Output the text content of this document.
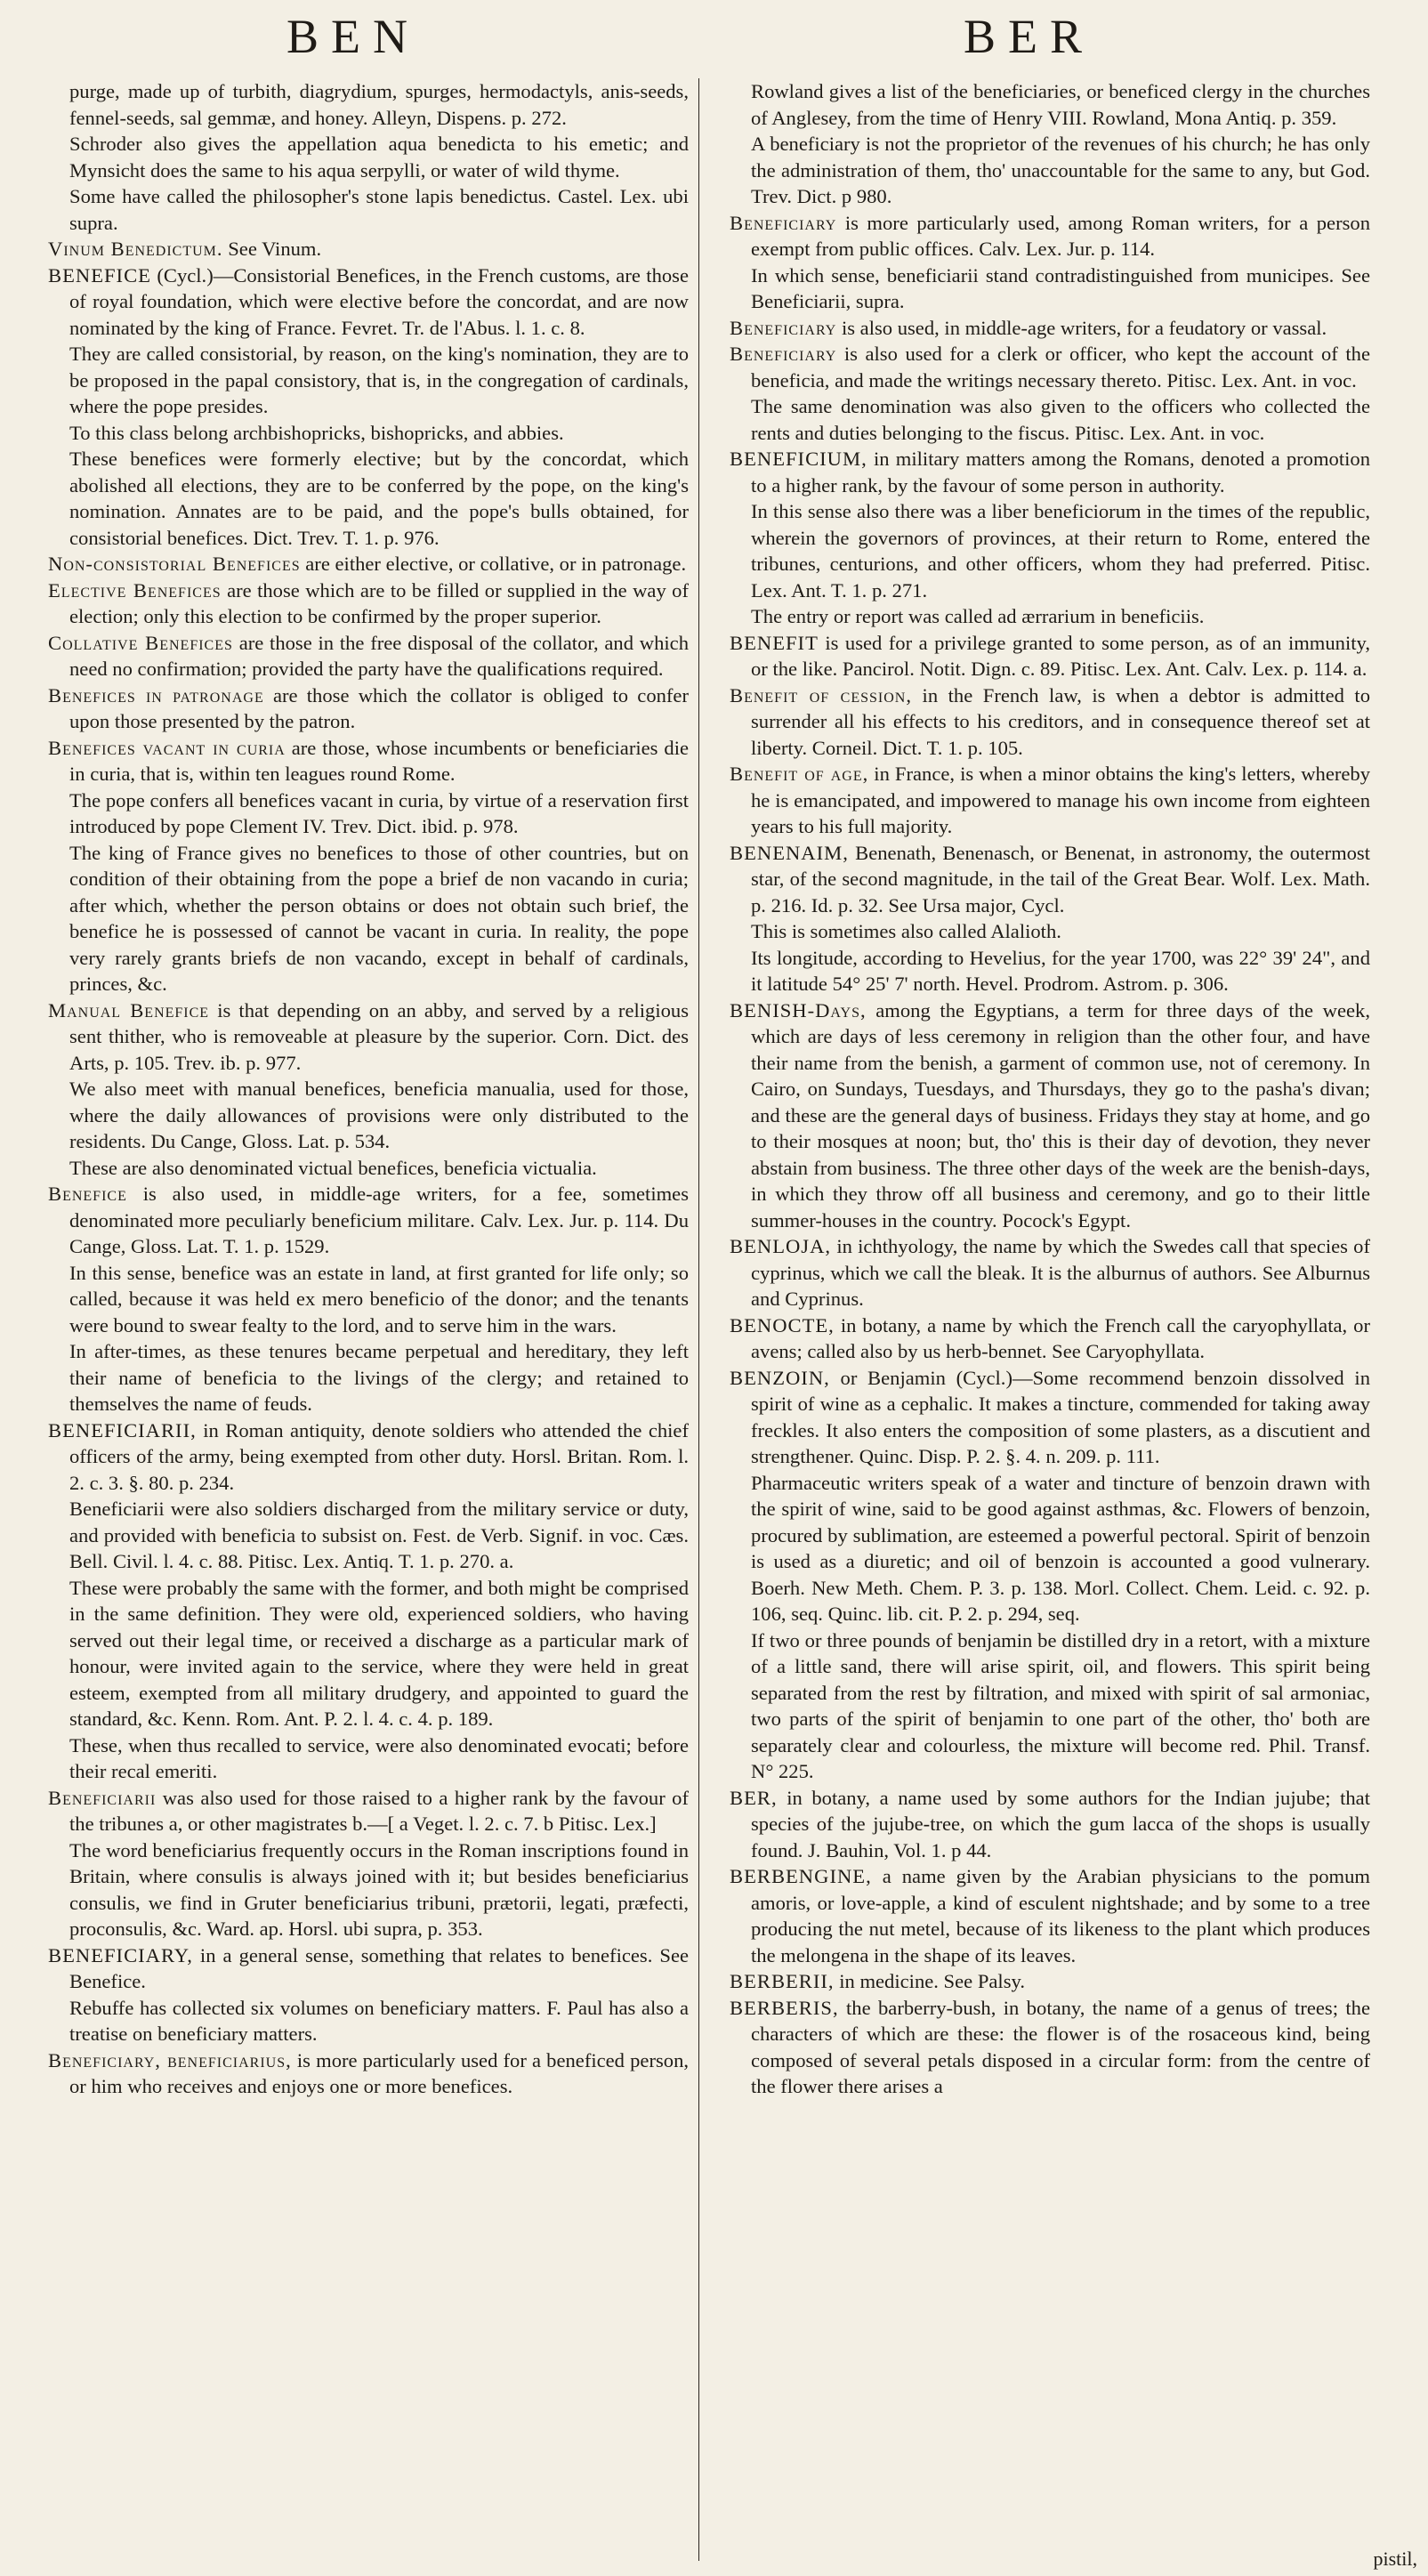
BEN	BER

purge, made up of turbith, diagrydium, spurges, hermodactyls, anis-seeds, fennel-seeds, sal gemmæ, and honey. Alleyn, Dispens. p. 272.

Schroder also gives the appellation aqua benedicta to his emetic; and Mynsicht does the same to his aqua serpylli, or water of wild thyme.

Some have called the philosopher's stone lapis benedictus. Castel. Lex. ubi supra.

Vinum Benedictum. See Vinum.

BENEFICE (Cycl.)—Consistorial Benefices, in the French customs, are those of royal foundation, which were elective before the concordat, and are now nominated by the king of France. Fevret. Tr. de l'Abus. l. 1. c. 8.

They are called consistorial, by reason, on the king's nomination, they are to be proposed in the papal consistory, that is, in the congregation of cardinals, where the pope presides.

To this class belong archbishopricks, bishopricks, and abbies.

These benefices were formerly elective; but by the concordat, which abolished all elections, they are to be conferred by the pope, on the king's nomination. Annates are to be paid, and the pope's bulls obtained, for consistorial benefices. Dict. Trev. T. 1. p. 976.

Non-consistorial Benefices are either elective, or collative, or in patronage.

Elective Benefices are those which are to be filled or supplied in the way of election; only this election to be confirmed by the proper superior.

Collative Benefices are those in the free disposal of the collator, and which need no confirmation; provided the party have the qualifications required.

Benefices in patronage are those which the collator is obliged to confer upon those presented by the patron.

Benefices vacant in curia are those, whose incumbents or beneficiaries die in curia, that is, within ten leagues round Rome.

The pope confers all benefices vacant in curia, by virtue of a reservation first introduced by pope Clement IV. Trev. Dict. ibid. p. 978.

The king of France gives no benefices to those of other countries, but on condition of their obtaining from the pope a brief de non vacando in curia; after which, whether the person obtains or does not obtain such brief, the benefice he is possessed of cannot be vacant in curia. In reality, the pope very rarely grants briefs de non vacando, except in behalf of cardinals, princes, &c.

Manual Benefice is that depending on an abby, and served by a religious sent thither, who is removeable at pleasure by the superior. Corn. Dict. des Arts, p. 105. Trev. ib. p. 977.

We also meet with manual benefices, beneficia manualia, used for those, where the daily allowances of provisions were only distributed to the residents. Du Cange, Gloss. Lat. p. 534.

These are also denominated victual benefices, beneficia victualia.

Benefice is also used, in middle-age writers, for a fee, sometimes denominated more peculiarly beneficium militare. Calv. Lex. Jur. p. 114. Du Cange, Gloss. Lat. T. 1. p. 1529.

In this sense, benefice was an estate in land, at first granted for life only; so called, because it was held ex mero beneficio of the donor; and the tenants were bound to swear fealty to the lord, and to serve him in the wars.

In after-times, as these tenures became perpetual and hereditary, they left their name of beneficia to the livings of the clergy; and retained to themselves the name of feuds.

BENEFICIARII, in Roman antiquity, denote soldiers who attended the chief officers of the army, being exempted from other duty. Horsl. Britan. Rom. l. 2. c. 3. §. 80. p. 234.

Beneficiarii were also soldiers discharged from the military service or duty, and provided with beneficia to subsist on. Fest. de Verb. Signif. in voc. Cæs. Bell. Civil. l. 4. c. 88. Pitisc. Lex. Antiq. T. 1. p. 270. a.

These were probably the same with the former, and both might be comprised in the same definition. They were old, experienced soldiers, who having served out their legal time, or received a discharge as a particular mark of honour, were invited again to the service, where they were held in great esteem, exempted from all military drudgery, and appointed to guard the standard, &c. Kenn. Rom. Ant. P. 2. l. 4. c. 4. p. 189.

These, when thus recalled to service, were also denominated evocati; before their recal emeriti.

Beneficiarii was also used for those raised to a higher rank by the favour of the tribunes a, or other magistrates b.—[ a Veget. l. 2. c. 7. b Pitisc. Lex.]

The word beneficiarius frequently occurs in the Roman inscriptions found in Britain, where consulis is always joined with it; but besides beneficiarius consulis, we find in Gruter beneficiarius tribuni, prætorii, legati, præfecti, proconsulis, &c. Ward. ap. Horsl. ubi supra, p. 353.

BENEFICIARY, in a general sense, something that relates to benefices. See Benefice.

Rebuffe has collected six volumes on beneficiary matters. F. Paul has also a treatise on beneficiary matters.

Beneficiary, beneficiarius, is more particularly used for a beneficed person, or him who receives and enjoys one or more benefices.

Rowland gives a list of the beneficiaries, or beneficed clergy in the churches of Anglesey, from the time of Henry VIII. Rowland, Mona Antiq. p. 359.

A beneficiary is not the proprietor of the revenues of his church; he has only the administration of them, tho' unaccountable for the same to any, but God. Trev. Dict. p 980.

Beneficiary is more particularly used, among Roman writers, for a person exempt from public offices. Calv. Lex. Jur. p. 114.

In which sense, beneficiarii stand contradistinguished from municipes. See Beneficiarii, supra.

Beneficiary is also used, in middle-age writers, for a feudatory or vassal.

Beneficiary is also used for a clerk or officer, who kept the account of the beneficia, and made the writings necessary thereto. Pitisc. Lex. Ant. in voc.

The same denomination was also given to the officers who collected the rents and duties belonging to the fiscus. Pitisc. Lex. Ant. in voc.

BENEFICIUM, in military matters among the Romans, denoted a promotion to a higher rank, by the favour of some person in authority.

In this sense also there was a liber beneficiorum in the times of the republic, wherein the governors of provinces, at their return to Rome, entered the tribunes, centurions, and other officers, whom they had preferred. Pitisc. Lex. Ant. T. 1. p. 271.

The entry or report was called ad ærrarium in beneficiis.

BENEFIT is used for a privilege granted to some person, as of an immunity, or the like. Pancirol. Notit. Dign. c. 89. Pitisc. Lex. Ant. Calv. Lex. p. 114. a.

Benefit of cession, in the French law, is when a debtor is admitted to surrender all his effects to his creditors, and in consequence thereof set at liberty. Corneil. Dict. T. 1. p. 105.

Benefit of age, in France, is when a minor obtains the king's letters, whereby he is emancipated, and impowered to manage his own income from eighteen years to his full majority.

BENENAIM, Benenath, Benenasch, or Benenat, in astronomy, the outermost star, of the second magnitude, in the tail of the Great Bear. Wolf. Lex. Math. p. 216. Id. p. 32. See Ursa major, Cycl.

This is sometimes also called Alalioth.

Its longitude, according to Hevelius, for the year 1700, was 22° 39' 24", and it latitude 54° 25' 7' north. Hevel. Prodrom. Astrom. p. 306.

BENISH-Days, among the Egyptians, a term for three days of the week, which are days of less ceremony in religion than the other four, and have their name from the benish, a garment of common use, not of ceremony. In Cairo, on Sundays, Tuesdays, and Thursdays, they go to the pasha's divan; and these are the general days of business. Fridays they stay at home, and go to their mosques at noon; but, tho' this is their day of devotion, they never abstain from business. The three other days of the week are the benish-days, in which they throw off all business and ceremony, and go to their little summer-houses in the country. Pocock's Egypt.

BENLOJA, in ichthyology, the name by which the Swedes call that species of cyprinus, which we call the bleak. It is the alburnus of authors. See Alburnus and Cyprinus.

BENOCTE, in botany, a name by which the French call the caryophyllata, or avens; called also by us herb-bennet. See Caryophyllata.

BENZOIN, or Benjamin (Cycl.)—Some recommend benzoin dissolved in spirit of wine as a cephalic. It makes a tincture, commended for taking away freckles. It also enters the composition of some plasters, as a discutient and strengthener. Quinc. Disp. P. 2. §. 4. n. 209. p. 111.

Pharmaceutic writers speak of a water and tincture of benzoin drawn with the spirit of wine, said to be good against asthmas, &c. Flowers of benzoin, procured by sublimation, are esteemed a powerful pectoral. Spirit of benzoin is used as a diuretic; and oil of benzoin is accounted a good vulnerary. Boerh. New Meth. Chem. P. 3. p. 138. Morl. Collect. Chem. Leid. c. 92. p. 106, seq. Quinc. lib. cit. P. 2. p. 294, seq.

If two or three pounds of benjamin be distilled dry in a retort, with a mixture of a little sand, there will arise spirit, oil, and flowers. This spirit being separated from the rest by filtration, and mixed with spirit of sal armoniac, two parts of the spirit of benjamin to one part of the other, tho' both are separately clear and colourless, the mixture will become red. Phil. Transf. N° 225.

BER, in botany, a name used by some authors for the Indian jujube; that species of the jujube-tree, on which the gum lacca of the shops is usually found. J. Bauhin, Vol. 1. p 44.

BERBENGINE, a name given by the Arabian physicians to the pomum amoris, or love-apple, a kind of esculent nightshade; and by some to a tree producing the nut metel, because of its likeness to the plant which produces the melongena in the shape of its leaves.

BERBERII, in medicine. See Palsy.

BERBERIS, the barberry-bush, in botany, the name of a genus of trees; the characters of which are these: the flower is of the rosaceous kind, being composed of several petals disposed in a circular form: from the centre of the flower there arises a

pistil,
